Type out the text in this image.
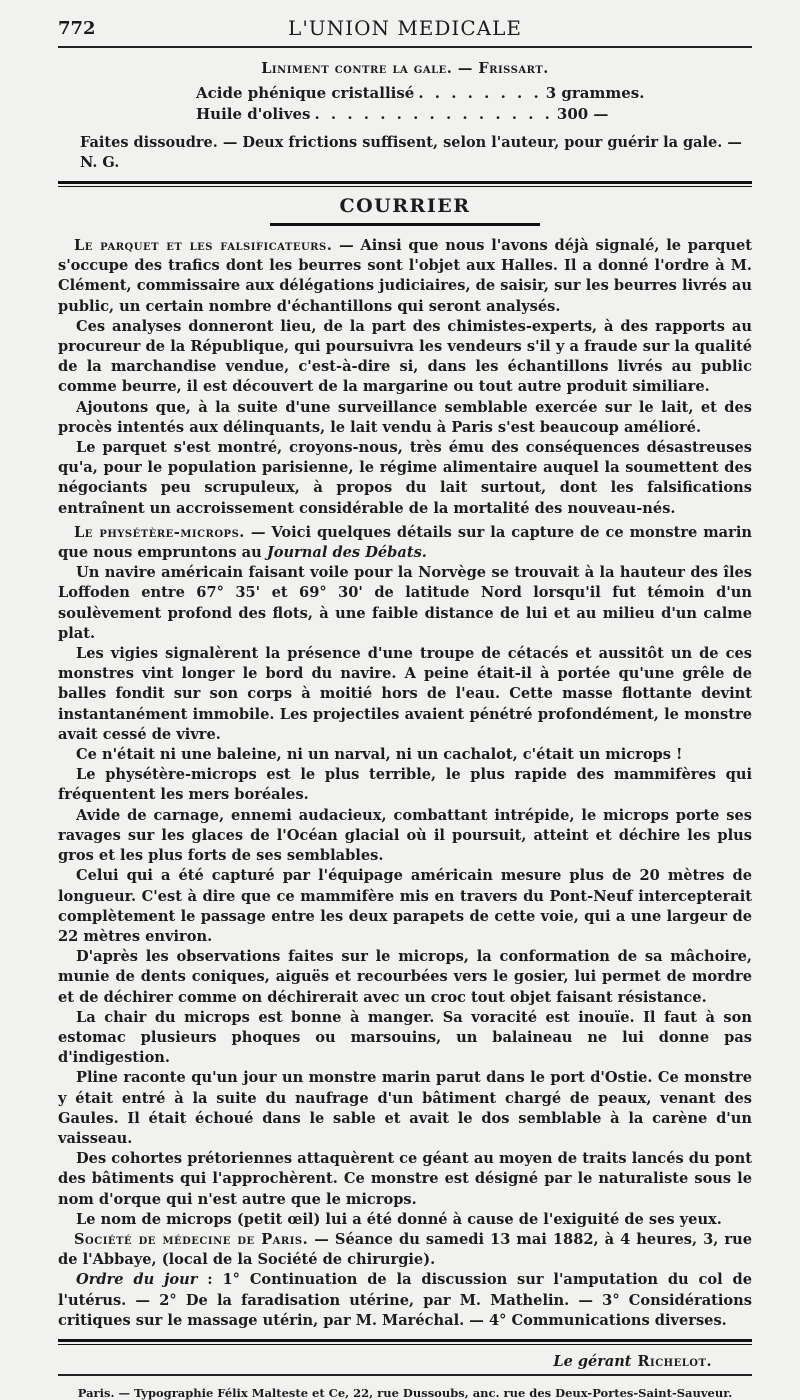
772	L'UNION MEDICALE
Liniment contre la gale. — Frissart.
Acide phénique cristallisé . . . . . . . . 3 grammes.
Huile d'olives . . . . . . . . . . . . . . . 300 —
Faites dissoudre. — Deux frictions suffisent, selon l'auteur, pour guérir la gale. — N. G.
COURRIER

Le parquet et les falsificateurs. — Ainsi que nous l'avons déjà signalé, le parquet s'occupe des trafics dont les beurres sont l'objet aux Halles. Il a donné l'ordre à M. Clément, commissaire aux délégations judiciaires, de saisir, sur les beurres livrés au public, un certain nombre d'échantillons qui seront analysés.

Ces analyses donneront lieu, de la part des chimistes-experts, à des rapports au procureur de la République, qui poursuivra les vendeurs s'il y a fraude sur la qualité de la marchandise vendue, c'est-à-dire si, dans les échantillons livrés au public comme beurre, il est découvert de la margarine ou tout autre produit similiare.

Ajoutons que, à la suite d'une surveillance semblable exercée sur le lait, et des procès intentés aux délinquants, le lait vendu à Paris s'est beaucoup amélioré.

Le parquet s'est montré, croyons-nous, très ému des conséquences désastreuses qu'a, pour le population parisienne, le régime alimentaire auquel la soumettent des négociants peu scrupuleux, à propos du lait surtout, dont les falsifications entraînent un accroissement considérable de la mortalité des nouveau-nés.

Le physétère-microps. — Voici quelques détails sur la capture de ce monstre marin que nous empruntons au Journal des Débats.

Un navire américain faisant voile pour la Norvège se trouvait à la hauteur des îles Loffoden entre 67° 35' et 69° 30' de latitude Nord lorsqu'il fut témoin d'un soulèvement profond des flots, à une faible distance de lui et au milieu d'un calme plat.

Les vigies signalèrent la présence d'une troupe de cétacés et aussitôt un de ces monstres vint longer le bord du navire. A peine était-il à portée qu'une grêle de balles fondit sur son corps à moitié hors de l'eau. Cette masse flottante devint instantanément immobile. Les projectiles avaient pénétré profondément, le monstre avait cessé de vivre.

Ce n'était ni une baleine, ni un narval, ni un cachalot, c'était un microps !

Le physétère-microps est le plus terrible, le plus rapide des mammifères qui fréquentent les mers boréales.

Avide de carnage, ennemi audacieux, combattant intrépide, le microps porte ses ravages sur les glaces de l'Océan glacial où il poursuit, atteint et déchire les plus gros et les plus forts de ses semblables.

Celui qui a été capturé par l'équipage américain mesure plus de 20 mètres de longueur. C'est à dire que ce mammifère mis en travers du Pont-Neuf intercepterait complètement le passage entre les deux parapets de cette voie, qui a une largeur de 22 mètres environ.

D'après les observations faites sur le microps, la conformation de sa mâchoire, munie de dents coniques, aiguës et recourbées vers le gosier, lui permet de mordre et de déchirer comme on déchirerait avec un croc tout objet faisant résistance.

La chair du microps est bonne à manger. Sa voracité est inouïe. Il faut à son estomac plusieurs phoques ou marsouins, un balaineau ne lui donne pas d'indigestion.

Pline raconte qu'un jour un monstre marin parut dans le port d'Ostie. Ce monstre y était entré à la suite du naufrage d'un bâtiment chargé de peaux, venant des Gaules. Il était échoué dans le sable et avait le dos semblable à la carène d'un vaisseau.

Des cohortes prétoriennes attaquèrent ce géant au moyen de traits lancés du pont des bâtiments qui l'approchèrent. Ce monstre est désigné par le naturaliste sous le nom d'orque qui n'est autre que le microps.

Le nom de microps (petit œil) lui a été donné à cause de l'exiguité de ses yeux.

Société de médecine de Paris. — Séance du samedi 13 mai 1882, à 4 heures, 3, rue de l'Abbaye, (local de la Société de chirurgie).

Ordre du jour : 1° Continuation de la discussion sur l'amputation du col de l'utérus. — 2° De la faradisation utérine, par M. Mathelin. — 3° Considérations critiques sur le massage utérin, par M. Maréchal. — 4° Communications diverses.

Le gérant Richelot.
Paris. — Typographie Félix Malteste et Ce, 22, rue Dussoubs, anc. rue des Deux-Portes-Saint-Sauveur.
